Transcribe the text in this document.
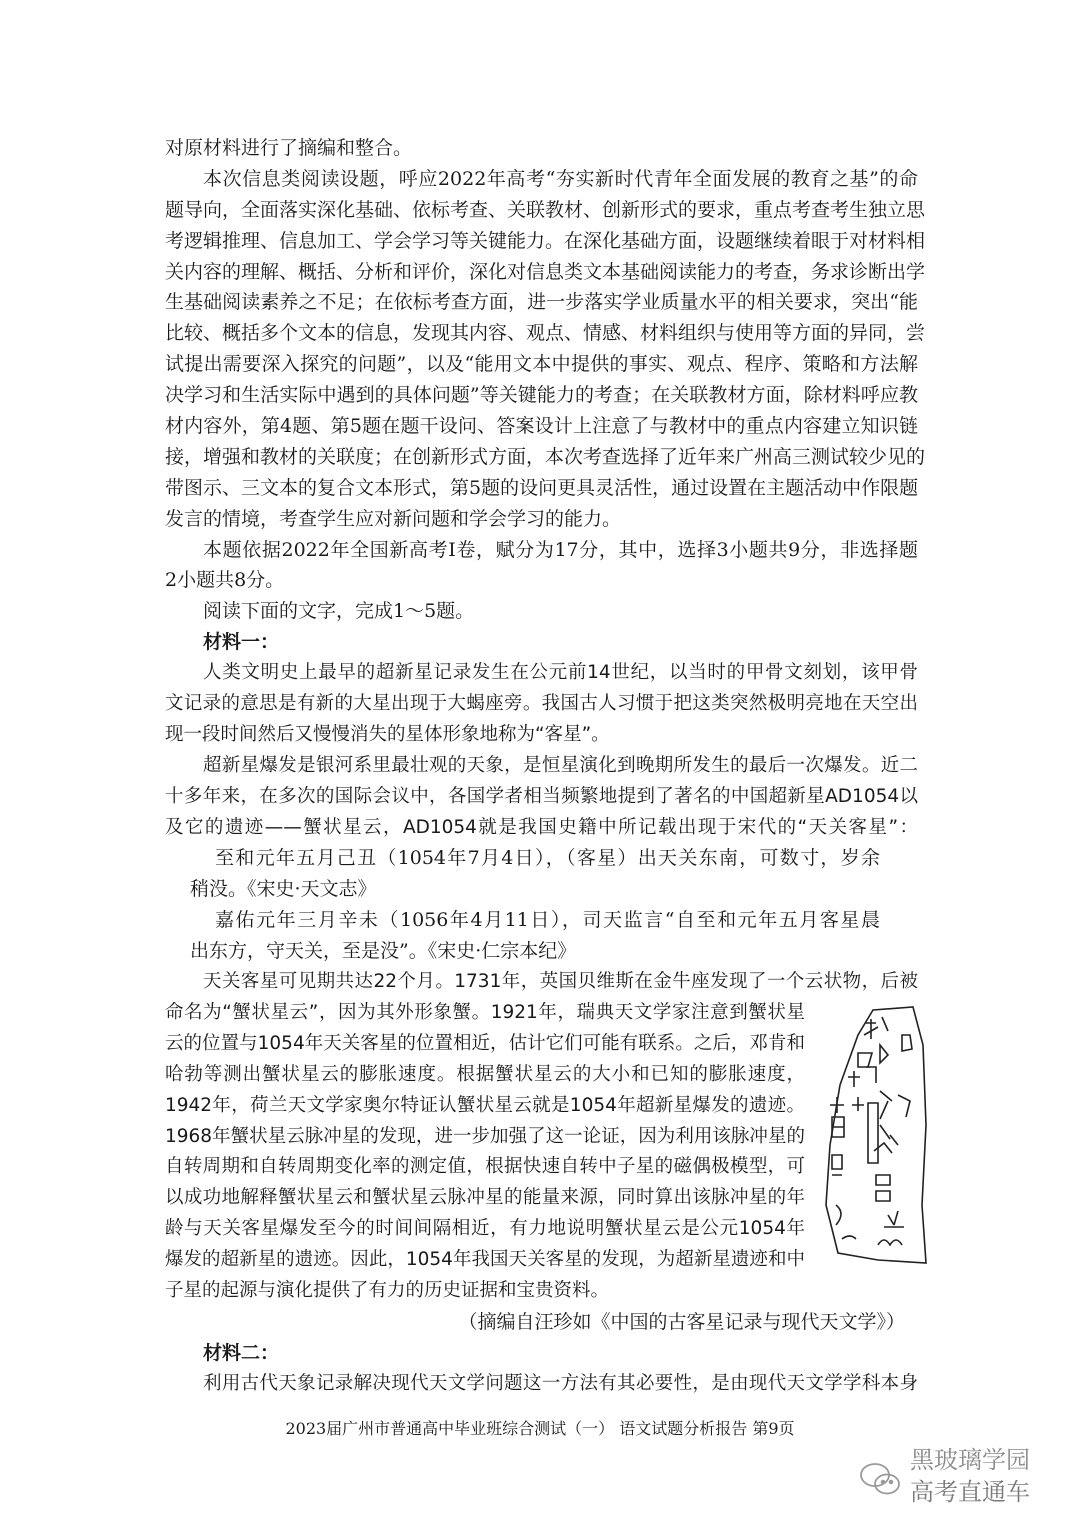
对原材料进行了摘编和整合。
本次信息类阅读设题，呼应2022年高考“夯实新时代青年全面发展的教育之基”的命
题导向，全面落实深化基础、依标考查、关联教材、创新形式的要求，重点考查考生独立思
考逻辑推理、信息加工、学会学习等关键能力。在深化基础方面，设题继续着眼于对材料相
关内容的理解、概括、分析和评价，深化对信息类文本基础阅读能力的考查，务求诊断出学
生基础阅读素养之不足；在依标考查方面，进一步落实学业质量水平的相关要求，突出“能
比较、概括多个文本的信息，发现其内容、观点、情感、材料组织与使用等方面的异同，尝
试提出需要深入探究的问题”，以及“能用文本中提供的事实、观点、程序、策略和方法解
决学习和生活实际中遇到的具体问题”等关键能力的考查；在关联教材方面，除材料呼应教
材内容外，第4题、第5题在题干设问、答案设计上注意了与教材中的重点内容建立知识链
接，增强和教材的关联度；在创新形式方面，本次考查选择了近年来广州高三测试较少见的
带图示、三文本的复合文本形式，第5题的设问更具灵活性，通过设置在主题活动中作限题
发言的情境，考查学生应对新问题和学会学习的能力。
本题依据2022年全国新高考I卷，赋分为17分，其中，选择3小题共9分，非选择题
2小题共8分。
阅读下面的文字，完成1～5题。
材料一：
人类文明史上最早的超新星记录发生在公元前14世纪，以当时的甲骨文刻划，该甲骨
文记录的意思是有新的大星出现于大蝎座旁。我国古人习惯于把这类突然极明亮地在天空出
现一段时间然后又慢慢消失的星体形象地称为“客星”。
超新星爆发是银河系里最壮观的天象，是恒星演化到晚期所发生的最后一次爆发。近二
十多年来，在多次的国际会议中，各国学者相当频繁地提到了著名的中国超新星AD1054以
及它的遗迹——蟹状星云，AD1054就是我国史籍中所记载出现于宋代的“天关客星”：
至和元年五月己丑（1054年7月4日），（客星）出天关东南，可数寸，岁余
稍没。《宋史·天文志》
嘉佑元年三月辛未（1056年4月11日），司天监言“自至和元年五月客星晨
出东方，守天关，至是没”。《宋史·仁宗本纪》
天关客星可见期共达22个月。1731年，英国贝维斯在金牛座发现了一个云状物，后被
命名为“蟹状星云”，因为其外形象蟹。1921年，瑞典天文学家注意到蟹状星
云的位置与1054年天关客星的位置相近，估计它们可能有联系。之后，邓肯和
哈勃等测出蟹状星云的膨胀速度。根据蟹状星云的大小和已知的膨胀速度，
1942年，荷兰天文学家奥尔特证认蟹状星云就是1054年超新星爆发的遗迹。
1968年蟹状星云脉冲星的发现，进一步加强了这一论证，因为利用该脉冲星的
自转周期和自转周期变化率的测定值，根据快速自转中子星的磁偶极模型，可
以成功地解释蟹状星云和蟹状星云脉冲星的能量来源，同时算出该脉冲星的年
龄与天关客星爆发至今的时间间隔相近，有力地说明蟹状星云是公元1054年
爆发的超新星的遗迹。因此，1054年我国天关客星的发现，为超新星遗迹和中
子星的起源与演化提供了有力的历史证据和宝贵资料。
（摘编自汪珍如《中国的古客星记录与现代天文学》）
材料二：
利用古代天象记录解决现代天文学问题这一方法有其必要性，是由现代天文学学科本身
2023届广州市普通高中毕业班综合测试（一） 语文试题分析报告 第9页
黑玻璃学园
高考直通车
